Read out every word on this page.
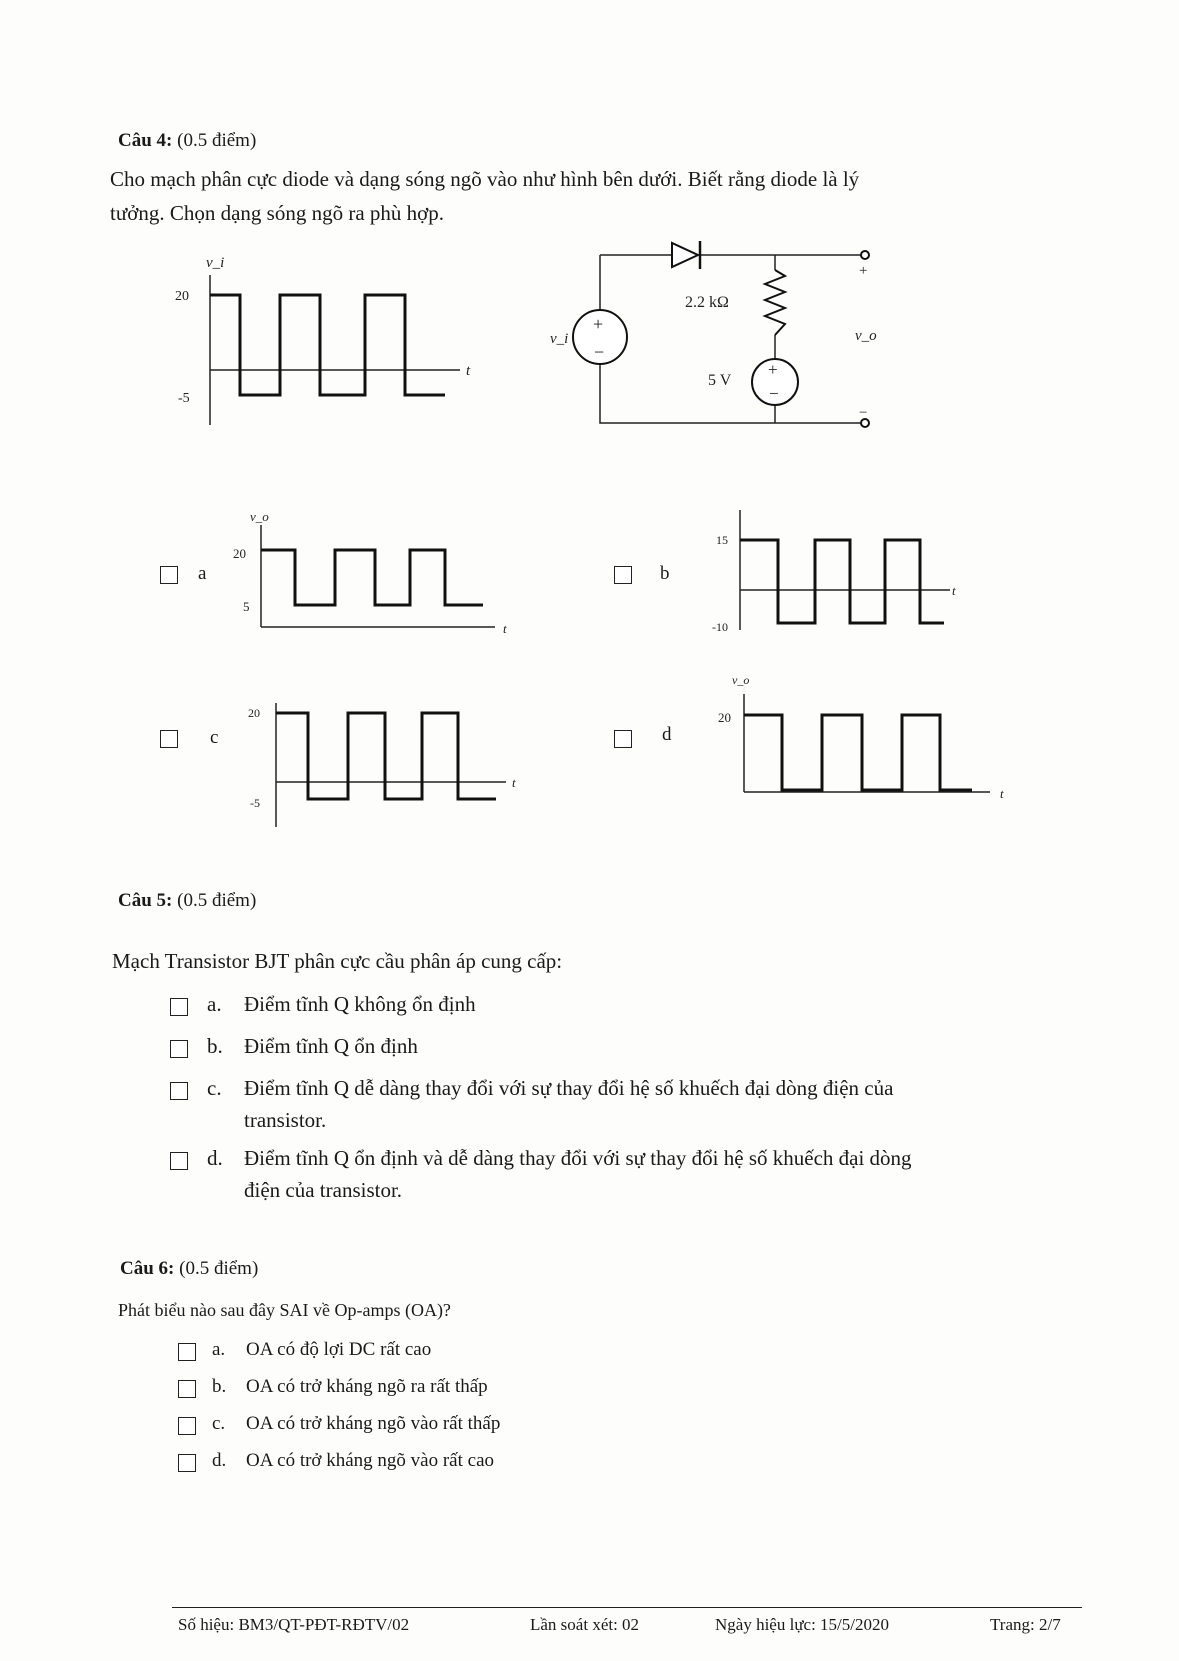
Câu 4: (0.5 điểm)
Cho mạch phân cực diode và dạng sóng ngõ vào như hình bên dưới. Biết rằng diode là lý
tưởng. Chọn dạng sóng ngõ ra phù hợp.
v_i
t
20
-5
2.2 kΩ
+
−
v_i
+
−
5 V
+
−
v_o
a
v_o
t
20
5
b
t
15
-10
c
t
20
-5
d
v_o
t
20
Câu 5: (0.5 điểm)
Mạch Transistor BJT phân cực cầu phân áp cung cấp:
a. Điểm tĩnh Q không ổn định
b. Điểm tĩnh Q ổn định
c. Điểm tĩnh Q dễ dàng thay đổi với sự thay đổi hệ số khuếch đại dòng điện của
transistor.
d. Điểm tĩnh Q ổn định và dễ dàng thay đổi với sự thay đổi hệ số khuếch đại dòng
điện của transistor.
Câu 6: (0.5 điểm)
Phát biểu nào sau đây SAI về Op-amps (OA)?
a. OA có độ lợi DC rất cao
b. OA có trở kháng ngõ ra rất thấp
c. OA có trở kháng ngõ vào rất thấp
d. OA có trở kháng ngõ vào rất cao
Số hiệu: BM3/QT-PĐT-RĐTV/02	Lần soát xét: 02	Ngày hiệu lực: 15/5/2020	Trang: 2/7
